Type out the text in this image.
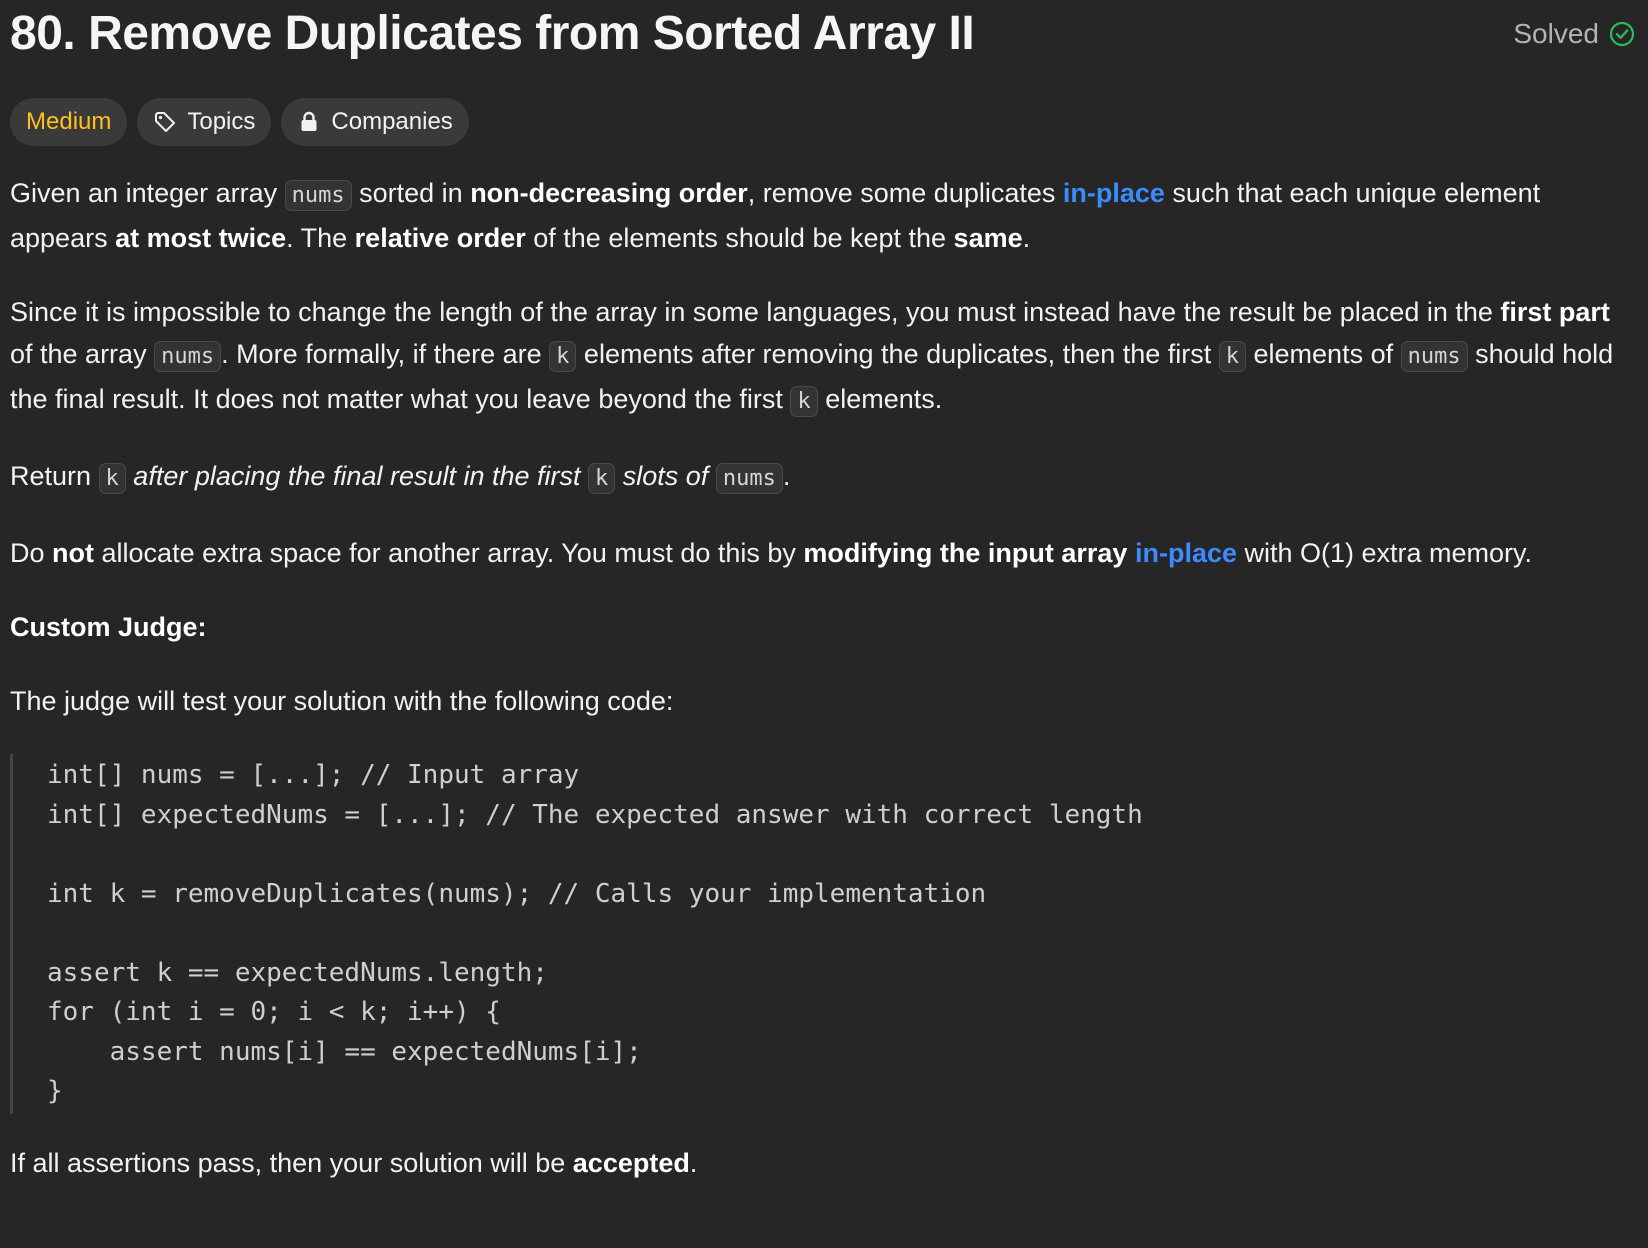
80. Remove Duplicates from Sorted Array II	Solved
Medium	Topics	Companies

Given an integer array nums sorted in non-decreasing order, remove some duplicates in-place such that each unique element appears at most twice. The relative order of the elements should be kept the same.

Since it is impossible to change the length of the array in some languages, you must instead have the result be placed in the first part of the array nums . More formally, if there are k elements after removing the duplicates, then the first k elements of nums should hold the final result. It does not matter what you leave beyond the first k elements.

Return k after placing the final result in the first k slots of nums .

Do not allocate extra space for another array. You must do this by modifying the input array in-place with O(1) extra memory.

Custom Judge:

The judge will test your solution with the following code:

int[] nums = [...]; // Input array
int[] expectedNums = [...]; // The expected answer with correct length

int k = removeDuplicates(nums); // Calls your implementation

assert k == expectedNums.length;
for (int i = 0; i < k; i++) {
assert nums[i] == expectedNums[i];
}

If all assertions pass, then your solution will be accepted.
